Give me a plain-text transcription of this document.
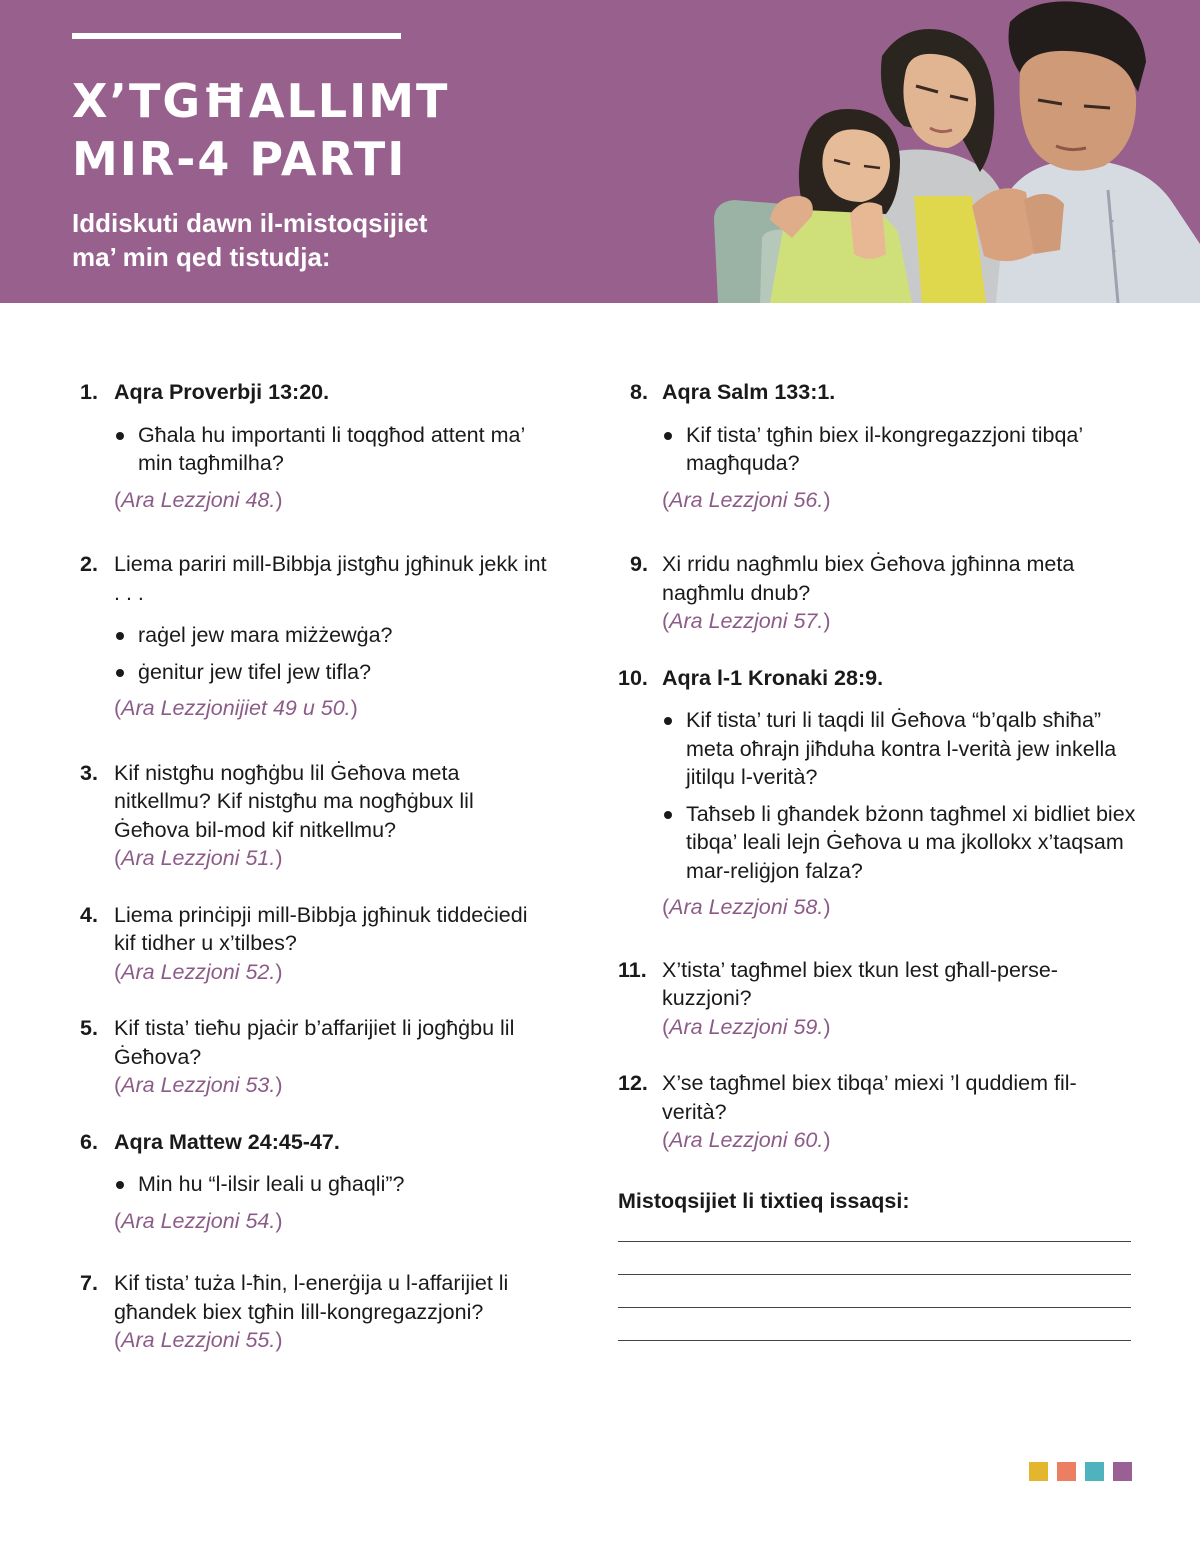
X’TGĦALLIMT
MIR-4 PARTI

Iddiskuti dawn il-mistoqsijiet
ma’ min qed tistudja:

1. Aqra Proverbji 13:20.
Għala hu importanti li toqgħod attent ma’ min tagħmilha?
(Ara Lezzjoni 48.)
2. Liema pariri mill-Bibbja jistgħu jgħinuk jekk int . . .
raġel jew mara miżżewġa?
ġenitur jew tifel jew tifla?
(Ara Lezzjonijiet 49 u 50.)
3. Kif nistgħu nogħġbu lil Ġeħova meta nitkellmu? Kif nistgħu ma nogħġbux lil Ġeħova bil-mod kif nitkellmu?
(Ara Lezzjoni 51.)
4. Liema prinċipji mill-Bibbja jgħinuk tiddeċiedi kif tidher u x’tilbes?
(Ara Lezzjoni 52.)
5. Kif tista’ tieħu pjaċir b’affarijiet li jogħġbu lil Ġeħova?
(Ara Lezzjoni 53.)
6. Aqra Mattew 24:45-47.
Min hu “l-ilsir leali u għaqli”?
(Ara Lezzjoni 54.)
7. Kif tista’ tuża l-ħin, l-enerġija u l-affarijiet li għandek biex tgħin lill-kongregazzjoni?
(Ara Lezzjoni 55.)
8. Aqra Salm 133:1.
Kif tista’ tgħin biex il-kongregazzjoni tibqa’ magħquda?
(Ara Lezzjoni 56.)
9. Xi rridu nagħmlu biex Ġeħova jgħinna meta nagħmlu dnub?
(Ara Lezzjoni 57.)
10. Aqra l-1 Kronaki 28:9.
Kif tista’ turi li taqdi lil Ġeħova “b’qalb sħiħa” meta oħrajn jiħduha kontra l-verità jew inkella jitilqu l-verità?
Taħseb li għandek bżonn tagħmel xi bidliet biex tibqa’ leali lejn Ġeħova u ma jkollokx x’taqsam mar-reliġjon falza?
(Ara Lezzjoni 58.)
11. X’tista’ tagħmel biex tkun lest għall-perse-kuzzjoni?
(Ara Lezzjoni 59.)
12. X’se tagħmel biex tibqa’ miexi ’l quddiem fil-verità?
(Ara Lezzjoni 60.)
Mistoqsijiet li tixtieq issaqsi:
